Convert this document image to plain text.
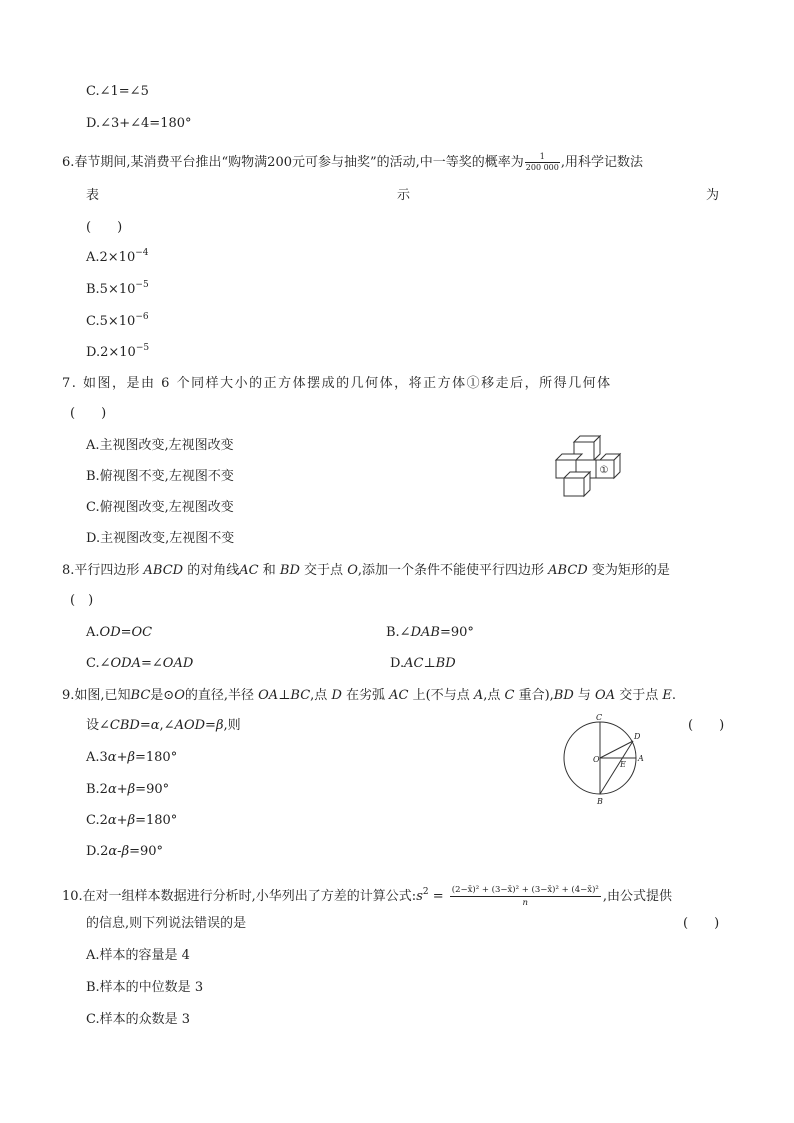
C.∠1=∠5
D.∠3+∠4=180°
6.春节期间,某消费平台推出“购物满200元可参与抽奖”的活动,中一等奖的概率为 $\frac{1}{200 000}$ ,用科学记数法
表	示	为
(　　)
$A.2\times 10^{-4}$
$B.5\times 10^{-5}$
$C.5\times 10^{-6}$
$D.2\times 10^{-5}$
7. 如图，是由 6 个同样大小的正方体摆成的几何体，将正方体①移走后，所得几何体
(　　)
A.主视图改变,左视图改变
B.俯视图不变,左视图不变
C.俯视图改变,左视图改变
D.主视图改变,左视图不变
①
8.平行四边形 ABCD 的对角线AC 和 BD 交于点 O,添加一个条件不能使平行四边形 ABCD 变为矩形的是
(　)
A.OD=OC	B.∠DAB=90°
C.∠ODA=∠OAD	D.AC⊥BD
9.如图,已知BC是⊙O的直径,半径 OA⊥BC,点 D 在劣弧 AC 上(不与点 A,点 C 重合),BD 与 OA 交于点 E.
设∠CBD=α,∠AOD=β,则	(　　)
A.3α+β=180°
B.2α+β=90°
C.2α+β=180°
D.2α-β=90°
C
D
O	A
E
B
10.在对一组样本数据进行分析时,小华列出了方差的计算公式$:s^2 = \frac{\text{(2−x̄)² + (3−x̄)² + (3−x̄)² + (4−x̄)²}}{n}$ ,由公式提供
的信息,则下列说法错误的是	(　　)
A.样本的容量是 4
B.样本的中位数是 3
C.样本的众数是 3
